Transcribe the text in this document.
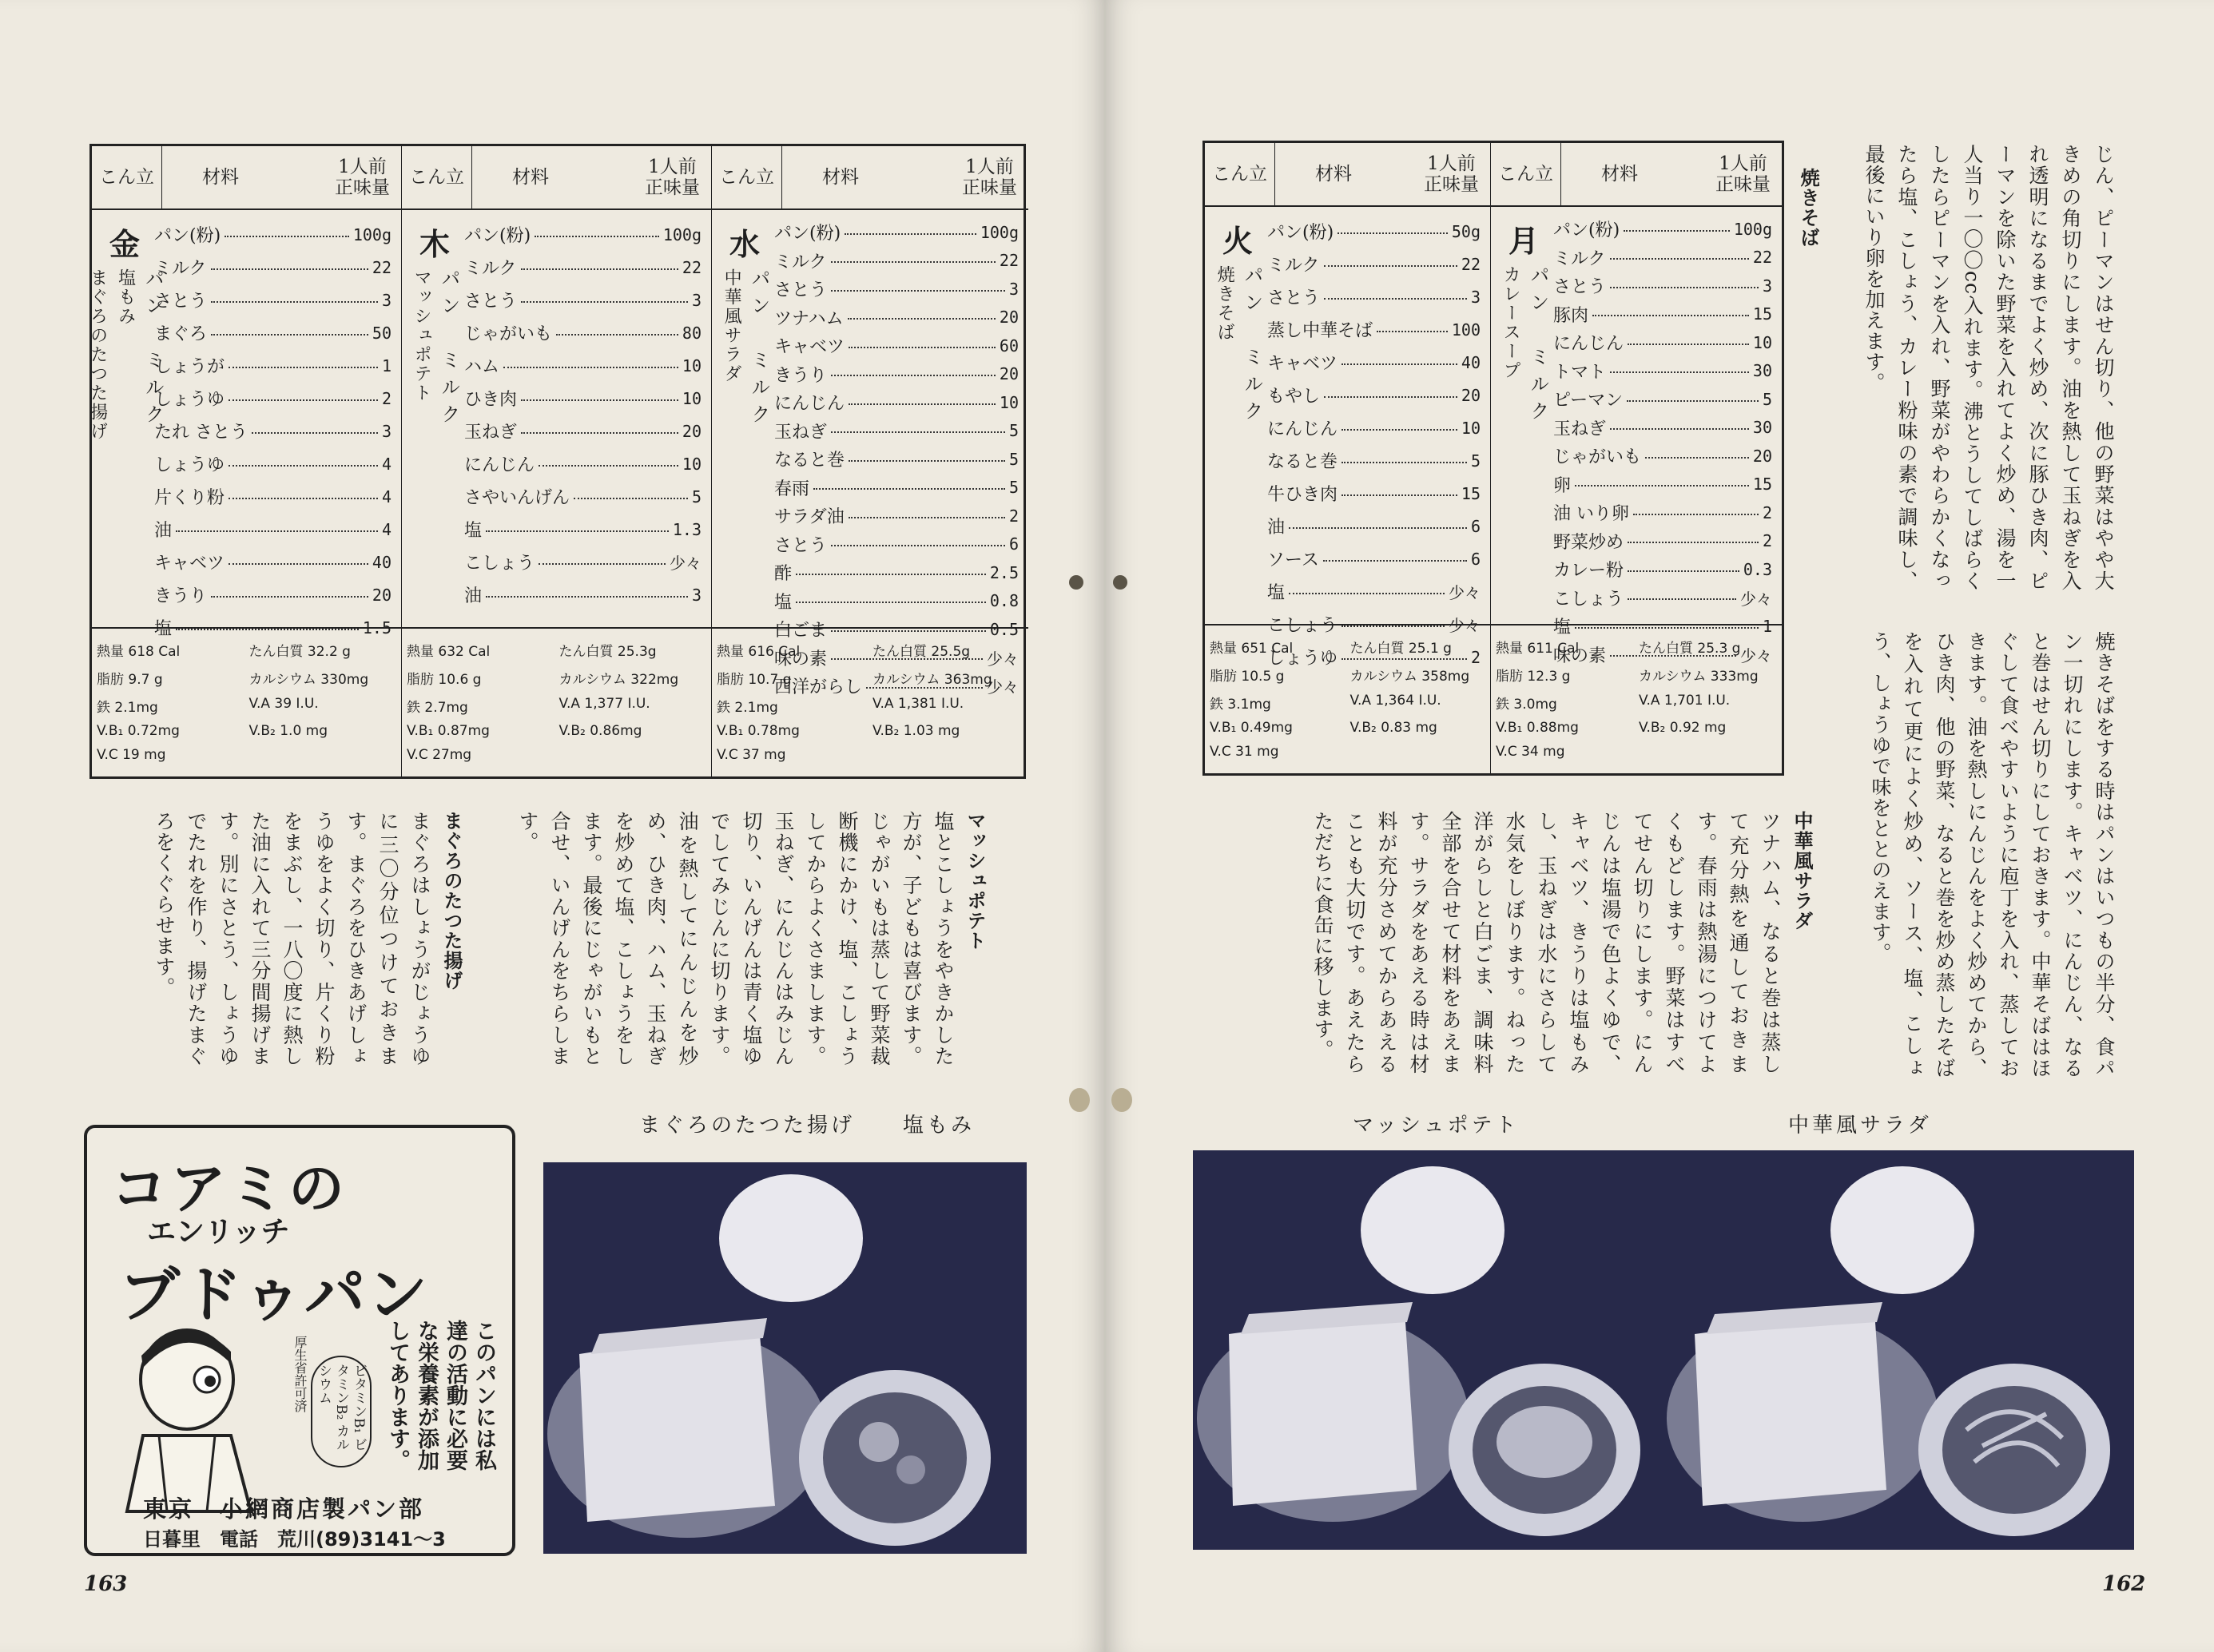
こん立	材料
1人前
正味量
こん立	材料
1人前
正味量
こん立	材料
1人前
正味量
金
まぐろのたつた揚げ 塩もみ パン　ミルク
パン(粉)	100g
ミルク	22
さとう	3
まぐろ	50
しょうが	1
しょうゆ	2
たれ さとう	3
しょうゆ	4
片くり粉	4
油	4
キャベツ	40
きうり	20
塩	1.5
木
マッシュポテト パン　ミルク
パン(粉)	100g
ミルク	22
さとう	3
じゃがいも	80
ハム	10
ひき肉	10
玉ねぎ	20
にんじん	10
さやいんげん	5
塩	1.3
こしょう	少々
油	3
水
中華風サラダ パン　ミルク
パン(粉)	100g
ミルク	22
さとう	3
ツナハム	20
キャベツ	60
きうり	20
にんじん	10
玉ねぎ	5
なると巻	5
春雨	5
サラダ油	2
さとう	6
酢	2.5
塩	0.8
白ごま	0.5
味の素	少々
西洋がらし	少々
熱量 618 Cal	たん白質 32.2 g
脂肪 9.7 g	カルシウム 330mg
鉄 2.1mg	V.A 39 I.U.
V.B₁ 0.72mg	V.B₂ 1.0 mg
V.C 19 mg
熱量 632 Cal	たん白質 25.3g
脂肪 10.6 g	カルシウム 322mg
鉄 2.7mg	V.A 1,377 I.U.
V.B₁ 0.87mg	V.B₂ 0.86mg
V.C 27mg
熱量 616 Cal	たん白質 25.5g
脂肪 10.7 g	カルシウム 363mg
鉄 2.1mg	V.A 1,381 I.U.
V.B₁ 0.78mg	V.B₂ 1.03 mg
V.C 37 mg
マッシュポテト
塩とこしょうをやきかした方が、子どもは喜びます。じゃがいもは蒸して野菜裁断機にかけ、塩、こしょうしてからよくさまします。玉ねぎ、にんじんはみじん切り、いんげんは青く塩ゆでしてみじんに切ります。油を熱してにんじんを炒め、ひき肉、ハム、玉ねぎを炒めて塩、こしょうをします。最後にじゃがいもと合せ、いんげんをちらします。
まぐろのたつた揚げ
まぐろはしょうがじょうゆに三〇分位つけておきます。まぐろをひきあげしょうゆをよく切り、片くり粉をまぶし、一八〇度に熱した油に入れて三分間揚げます。別にさとう、しょうゆでたれを作り、揚げたまぐろをくぐらせます。
まぐろのたつた揚げ　　塩もみ
コアミの
エンリッチ
ブドゥパン
厚生省許可済	ビタミンB₁ ビタミンB₂ カルシウム	このパンには私達の活動に必要な栄養素が添加してあります。
東京　小網商店製パン部
日暮里　電話　荒川(89)3141〜3
163
こん立	材料
1人前
正味量
こん立	材料
1人前
正味量
火
焼きそば パン　ミルク
パン(粉)	50g
ミルク	22
さとう	3
蒸し中華そば	100
キャベツ	40
もやし	20
にんじん	10
なると巻	5
牛ひき肉	15
油	6
ソース	6
塩	少々
こしょう	少々
しょうゆ	2
月
カレースープ パン　ミルク
パン(粉)	100g
ミルク	22
さとう	3
豚肉	15
にんじん	10
トマト	30
ピーマン	5
玉ねぎ	30
じゃがいも	20
卵	15
油 いり卵	2
野菜炒め	2
カレー粉	0.3
こしょう	少々
塩	1
味の素	少々
熱量 651 Cal	たん白質 25.1 g
脂肪 10.5 g	カルシウム 358mg
鉄 3.1mg	V.A 1,364 I.U.
V.B₁ 0.49mg	V.B₂ 0.83 mg
V.C 31 mg
熱量 611 Cal	たん白質 25.3 g
脂肪 12.3 g	カルシウム 333mg
鉄 3.0mg	V.A 1,701 I.U.
V.B₁ 0.88mg	V.B₂ 0.92 mg
V.C 34 mg
じん、ピーマンはせん切り、他の野菜はやや大きめの角切りにします。油を熱して玉ねぎを入れ透明になるまでよく炒め、次に豚ひき肉、ピーマンを除いた野菜を入れてよく炒め、湯を一人当り一〇〇cc入れます。沸とうしてしばらくしたらピーマンを入れ、野菜がやわらかくなったら塩、こしょう、カレー粉味の素で調味し、最後にいり卵を加えます。
焼きそば
焼きそばをする時はパンはいつもの半分、食パン一切れにします。キャベツ、にんじん、なると巻はせん切りにしておきます。中華そばはほぐして食べやすいように庖丁を入れ、蒸しておきます。油を熱しにんじんをよく炒めてから、ひき肉、他の野菜、なると巻を炒め蒸したそばを入れて更によく炒め、ソース、塩、こしょう、しょうゆで味をととのえます。
中華風サラダ
ツナハム、なると巻は蒸して充分熱を通しておきます。春雨は熱湯につけてよくもどします。野菜はすべてせん切りにします。にんじんは塩湯で色よくゆで、キャベツ、きうりは塩もみし、玉ねぎは水にさらして水気をしぼります。ねった洋がらしと白ごま、調味料全部を合せて材料をあえます。サラダをあえる時は材料が充分さめてからあえることも大切です。あえたらただちに食缶に移します。
マッシュポテト	中華風サラダ
162
